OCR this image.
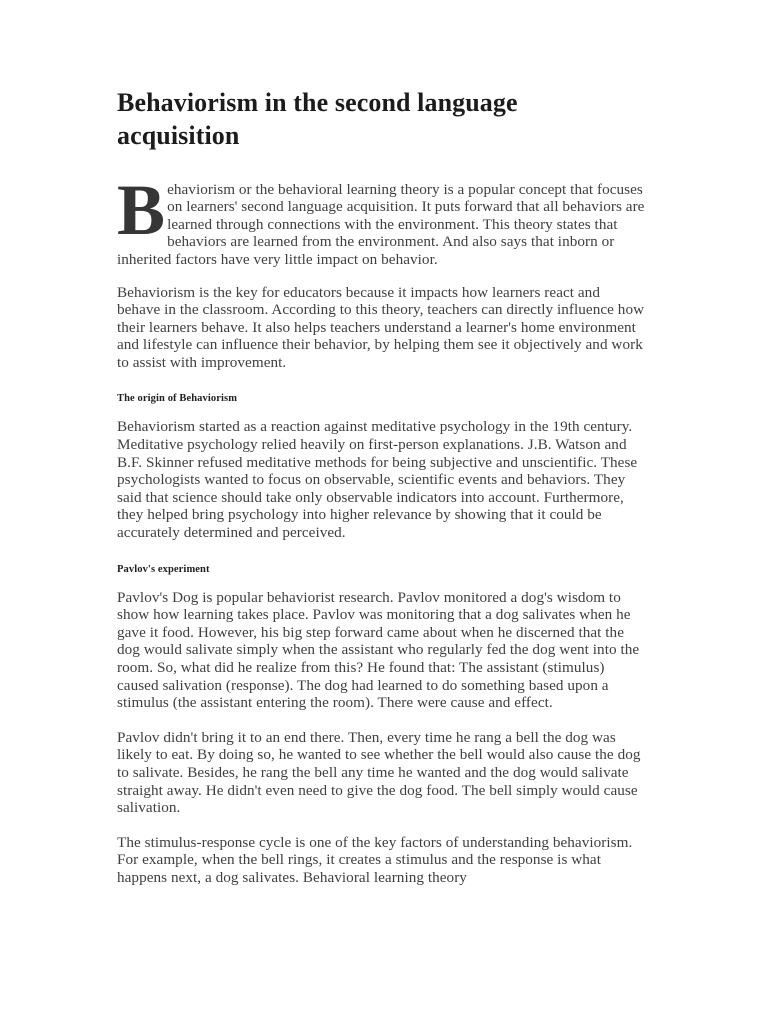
Behaviorism in the second language acquisition

Behaviorism or the behavioral learning theory is a popular concept that focuses on learners' second language acquisition. It puts forward that all behaviors are learned through connections with the environment. This theory states that behaviors are learned from the environment. And also says that inborn or inherited factors have very little impact on behavior.

Behaviorism is the key for educators because it impacts how learners react and behave in the classroom. According to this theory, teachers can directly influence how their learners behave. It also helps teachers understand a learner's home environment and lifestyle can influence their behavior, by helping them see it objectively and work to assist with improvement.

The origin of Behaviorism

Behaviorism started as a reaction against meditative psychology in the 19th century. Meditative psychology relied heavily on first-person explanations. J.B. Watson and B.F. Skinner refused meditative methods for being subjective and unscientific. These psychologists wanted to focus on observable, scientific events and behaviors. They said that science should take only observable indicators into account. Furthermore, they helped bring psychology into higher relevance by showing that it could be accurately determined and perceived.

Pavlov's experiment

Pavlov's Dog is popular behaviorist research. Pavlov monitored a dog's wisdom to show how learning takes place. Pavlov was monitoring that a dog salivates when he gave it food. However, his big step forward came about when he discerned that the dog would salivate simply when the assistant who regularly fed the dog went into the room. So, what did he realize from this? He found that: The assistant (stimulus) caused salivation (response). The dog had learned to do something based upon a stimulus (the assistant entering the room). There were cause and effect.

Pavlov didn't bring it to an end there. Then, every time he rang a bell the dog was likely to eat. By doing so, he wanted to see whether the bell would also cause the dog to salivate. Besides, he rang the bell any time he wanted and the dog would salivate straight away. He didn't even need to give the dog food. The bell simply would cause salivation.

The stimulus-response cycle is one of the key factors of understanding behaviorism. For example, when the bell rings, it creates a stimulus and the response is what happens next, a dog salivates. Behavioral learning theory
